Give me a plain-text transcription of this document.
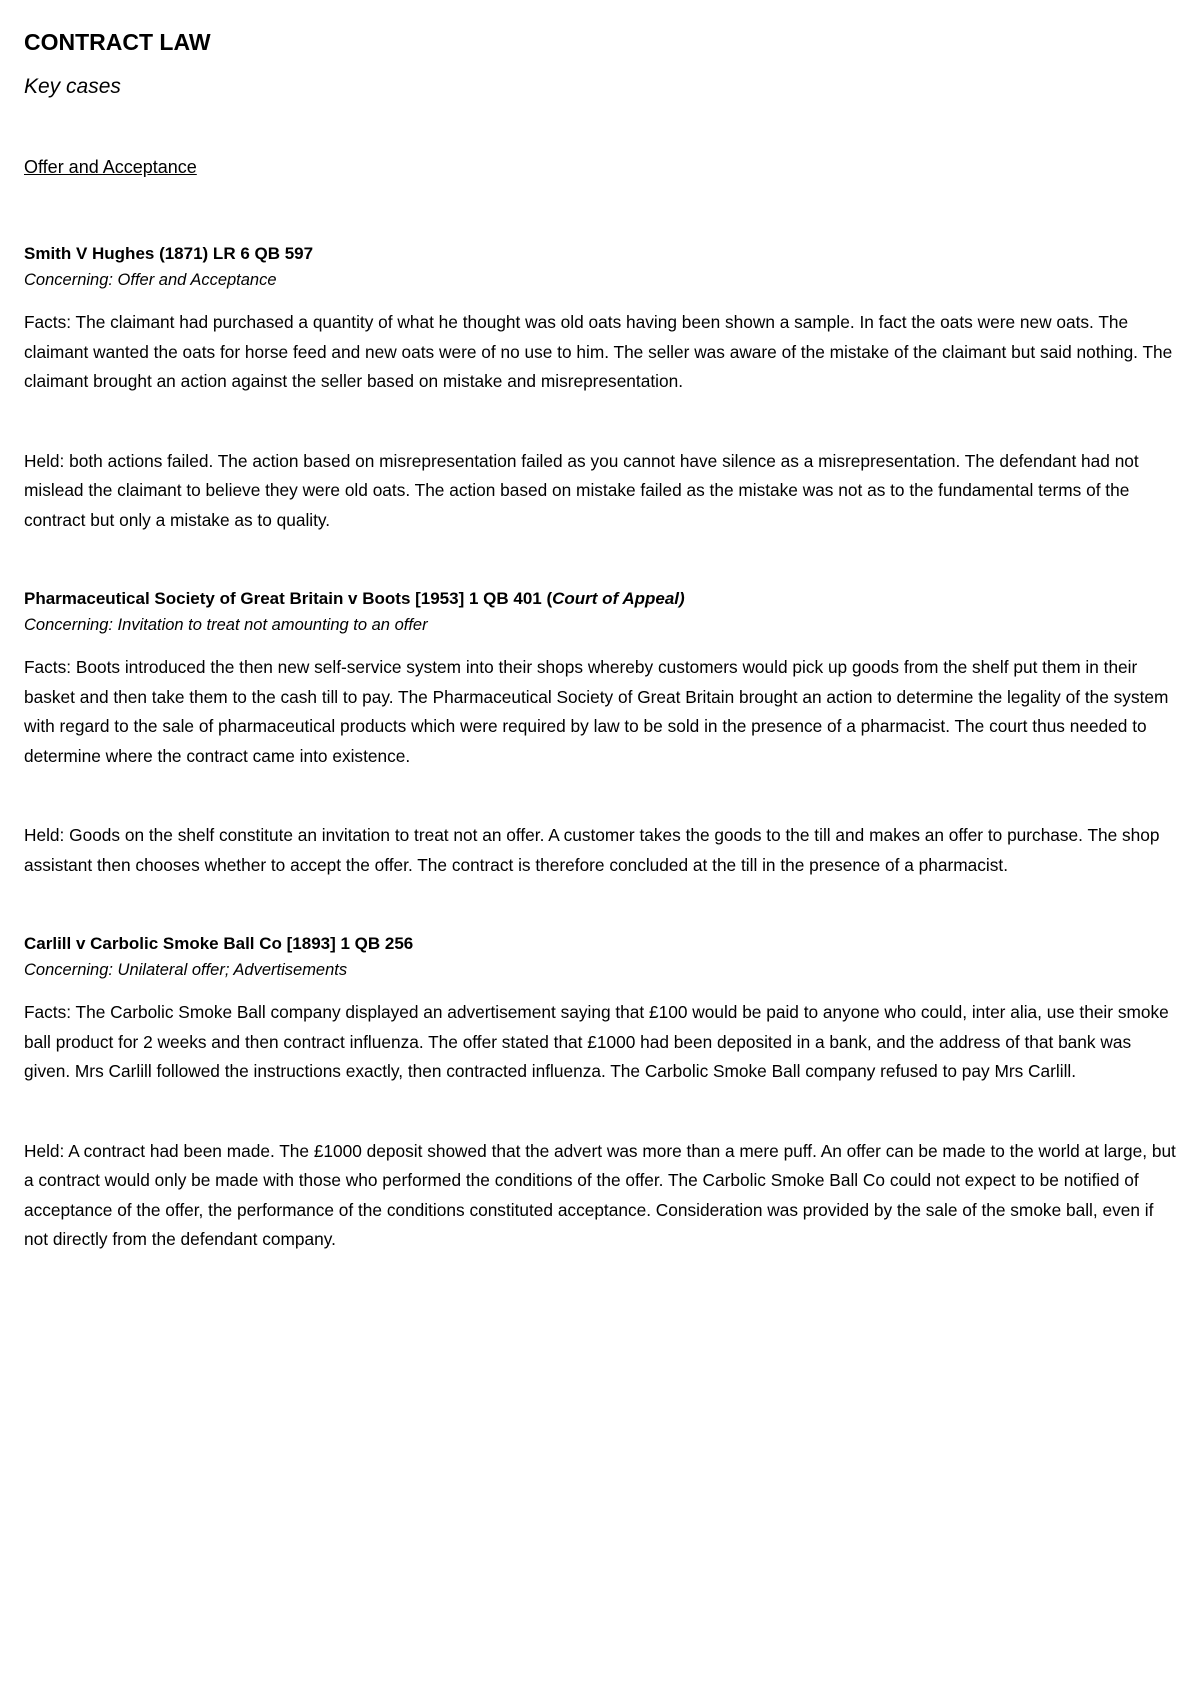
CONTRACT LAW
Key cases
Offer and Acceptance
Smith V Hughes (1871) LR 6 QB 597
Concerning: Offer and Acceptance

Facts: The claimant had purchased a quantity of what he thought was old oats having been shown a sample. In fact the oats were new oats. The claimant wanted the oats for horse feed and new oats were of no use to him. The seller was aware of the mistake of the claimant but said nothing. The claimant brought an action against the seller based on mistake and misrepresentation.

Held: both actions failed. The action based on misrepresentation failed as you cannot have silence as a misrepresentation. The defendant had not mislead the claimant to believe they were old oats. The action based on mistake failed as the mistake was not as to the fundamental terms of the contract but only a mistake as to quality.

Pharmaceutical Society of Great Britain v Boots [1953] 1 QB 401 (Court of Appeal)
Concerning: Invitation to treat not amounting to an offer

Facts: Boots introduced the then new self-service system into their shops whereby customers would pick up goods from the shelf put them in their basket and then take them to the cash till to pay. The Pharmaceutical Society of Great Britain brought an action to determine the legality of the system with regard to the sale of pharmaceutical products which were required by law to be sold in the presence of a pharmacist. The court thus needed to determine where the contract came into existence.

Held: Goods on the shelf constitute an invitation to treat not an offer. A customer takes the goods to the till and makes an offer to purchase. The shop assistant then chooses whether to accept the offer. The contract is therefore concluded at the till in the presence of a pharmacist.

Carlill v Carbolic Smoke Ball Co [1893] 1 QB 256
Concerning: Unilateral offer; Advertisements

Facts: The Carbolic Smoke Ball company displayed an advertisement saying that £100 would be paid to anyone who could, inter alia, use their smoke ball product for 2 weeks and then contract influenza. The offer stated that £1000 had been deposited in a bank, and the address of that bank was given. Mrs Carlill followed the instructions exactly, then contracted influenza. The Carbolic Smoke Ball company refused to pay Mrs Carlill.

Held: A contract had been made. The £1000 deposit showed that the advert was more than a mere puff. An offer can be made to the world at large, but a contract would only be made with those who performed the conditions of the offer. The Carbolic Smoke Ball Co could not expect to be notified of acceptance of the offer, the performance of the conditions constituted acceptance. Consideration was provided by the sale of the smoke ball, even if not directly from the defendant company.
